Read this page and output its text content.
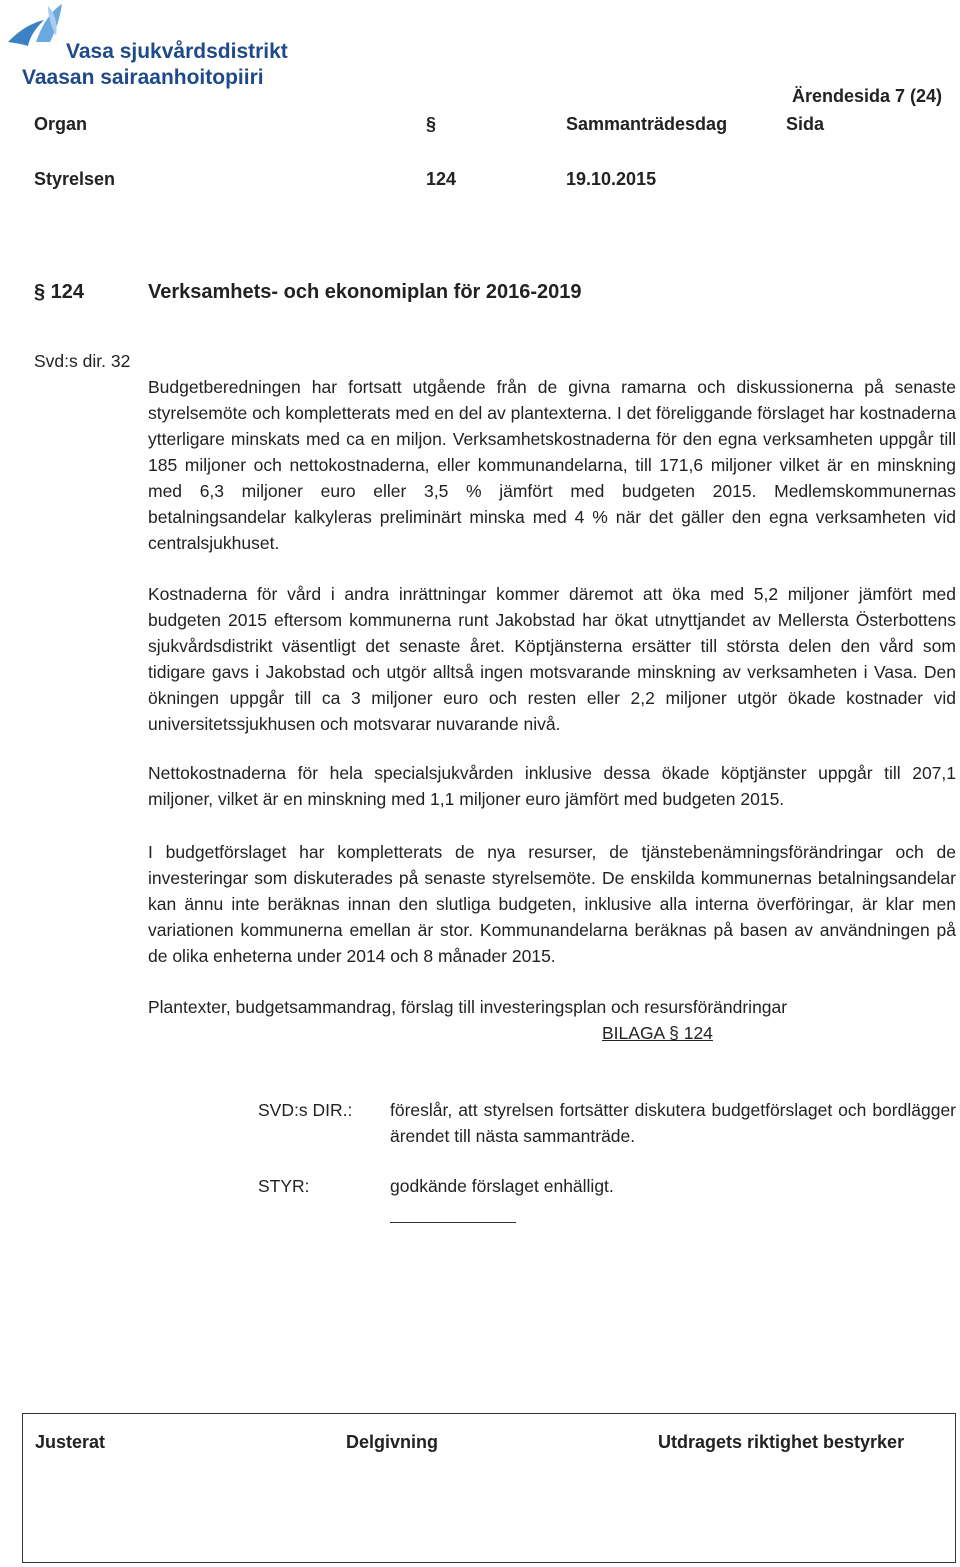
Vasa sjukvårdsdistrikt
Vaasan sairaanhoitopiiri
Ärendesida 7 (24)
Organ	§	Sammanträdesdag	Sida
Styrelsen	124	19.10.2015
§ 124	Verksamhets- och ekonomiplan för 2016-2019
Svd:s dir. 32
Budgetberedningen har fortsatt utgående från de givna ramarna och diskussionerna på senaste styrelsemöte och kompletterats med en del av plantexterna. I det föreliggande förslaget har kostnaderna ytterligare minskats med ca en miljon. Verksamhetskostnaderna för den egna verksamheten uppgår till 185 miljoner och nettokostnaderna, eller kommunandelarna, till 171,6 miljoner vilket är en minskning med 6,3 miljoner euro eller 3,5 % jämfört med budgeten 2015. Medlemskommunernas betalningsandelar kalkyleras preliminärt minska med 4 % när det gäller den egna verksamheten vid centralsjukhuset.
Kostnaderna för vård i andra inrättningar kommer däremot att öka med 5,2 miljoner jämfört med budgeten 2015 eftersom kommunerna runt Jakobstad har ökat utnyttjandet av Mellersta Österbottens sjukvårdsdistrikt väsentligt det senaste året. Köptjänsterna ersätter till största delen den vård som tidigare gavs i Jakobstad och utgör alltså ingen motsvarande minskning av verksamheten i Vasa. Den ökningen uppgår till ca 3 miljoner euro och resten eller 2,2 miljoner utgör ökade kostnader vid universitetssjukhusen och motsvarar nuvarande nivå.
Nettokostnaderna för hela specialsjukvården inklusive dessa ökade köptjänster uppgår till 207,1 miljoner, vilket är en minskning med 1,1 miljoner euro jämfört med budgeten 2015.
I budgetförslaget har kompletterats de nya resurser, de tjänstebenämningsförändringar och de investeringar som diskuterades på senaste styrelsemöte. De enskilda kommunernas betalningsandelar kan ännu inte beräknas innan den slutliga budgeten, inklusive alla interna överföringar, är klar men variationen kommunerna emellan är stor. Kommunandelarna beräknas på basen av användningen på de olika enheterna under 2014 och 8 månader 2015.
Plantexter, budgetsammandrag, förslag till investeringsplan och resursförändringar
BILAGA § 124
SVD:s DIR.: föreslår, att styrelsen fortsätter diskutera budgetförslaget och bordlägger ärendet till nästa sammanträde.
STYR:	godkände förslaget enhälligt.
Justerat	Delgivning	Utdragets riktighet bestyrker
